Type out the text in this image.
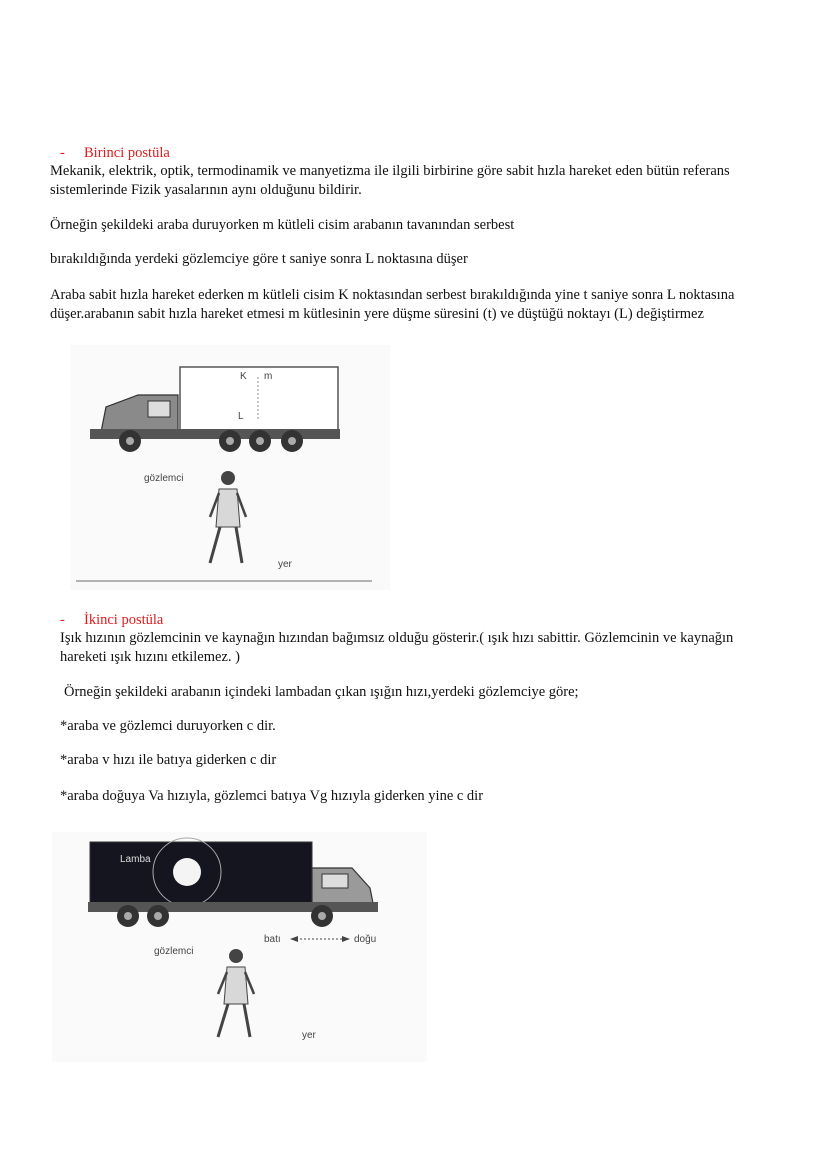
- Birinci postüla
Mekanik, elektrik, optik, termodinamik ve manyetizma ile ilgili birbirine göre sabit hızla hareket eden bütün referans sistemlerinde Fizik yasalarının aynı olduğunu bildirir.
Örneğin şekildeki araba duruyorken m kütleli cisim arabanın tavanından serbest
bırakıldığında yerdeki gözlemciye göre t saniye sonra L noktasına düşer
Araba sabit hızla hareket ederken m kütleli cisim K noktasından serbest bırakıldığında yine t saniye sonra L noktasına düşer.arabanın sabit hızla hareket etmesi m kütlesinin yere düşme süresini (t) ve düştüğü noktayı (L) değiştirmez
K m
L
gözlemci
yer
- İkinci postüla
Işık hızının gözlemcinin ve kaynağın hızından bağımsız olduğu gösterir.( ışık hızı sabittir. Gözlemcinin ve kaynağın hareketi ışık hızını etkilemez. )
Örneğin şekildeki arabanın içindeki lambadan çıkan ışığın hızı,yerdeki gözlemciye göre;
*araba ve gözlemci duruyorken c dir.
*araba v hızı ile batıya giderken c dir
*araba doğuya Va hızıyla, gözlemci batıya Vg hızıyla giderken yine c dir
Lamba
batı	doğu
gözlemci
yer
